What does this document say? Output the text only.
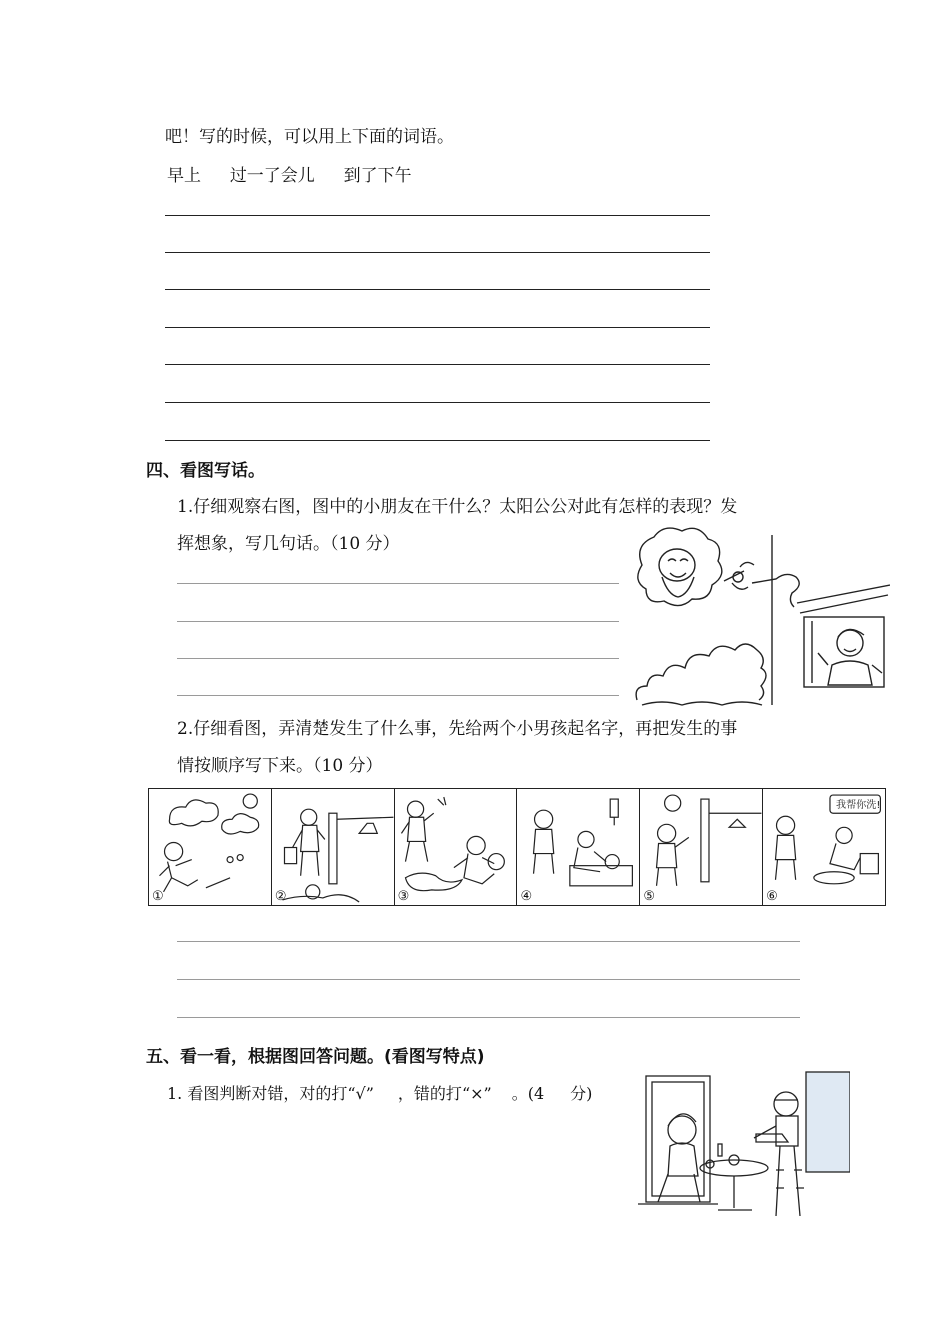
吧！写的时候，可以用上下面的词语。
早上 过一了会儿 到了下午
四、看图写话。
1.仔细观察右图，图中的小朋友在干什么？太阳公公对此有怎样的表现？发
挥想象，写几句话。（10 分）
2.仔细看图，弄清楚发生了什么事，先给两个小男孩起名字，再把发生的事
情按顺序写下来。（10 分）
①	②	③	④	⑤
我帮你洗!
⑥
五、看一看，根据图回答问题。(看图写特点)
1. 看图判断对错，对的打“√” ，错的打“×” 。(4 分)
